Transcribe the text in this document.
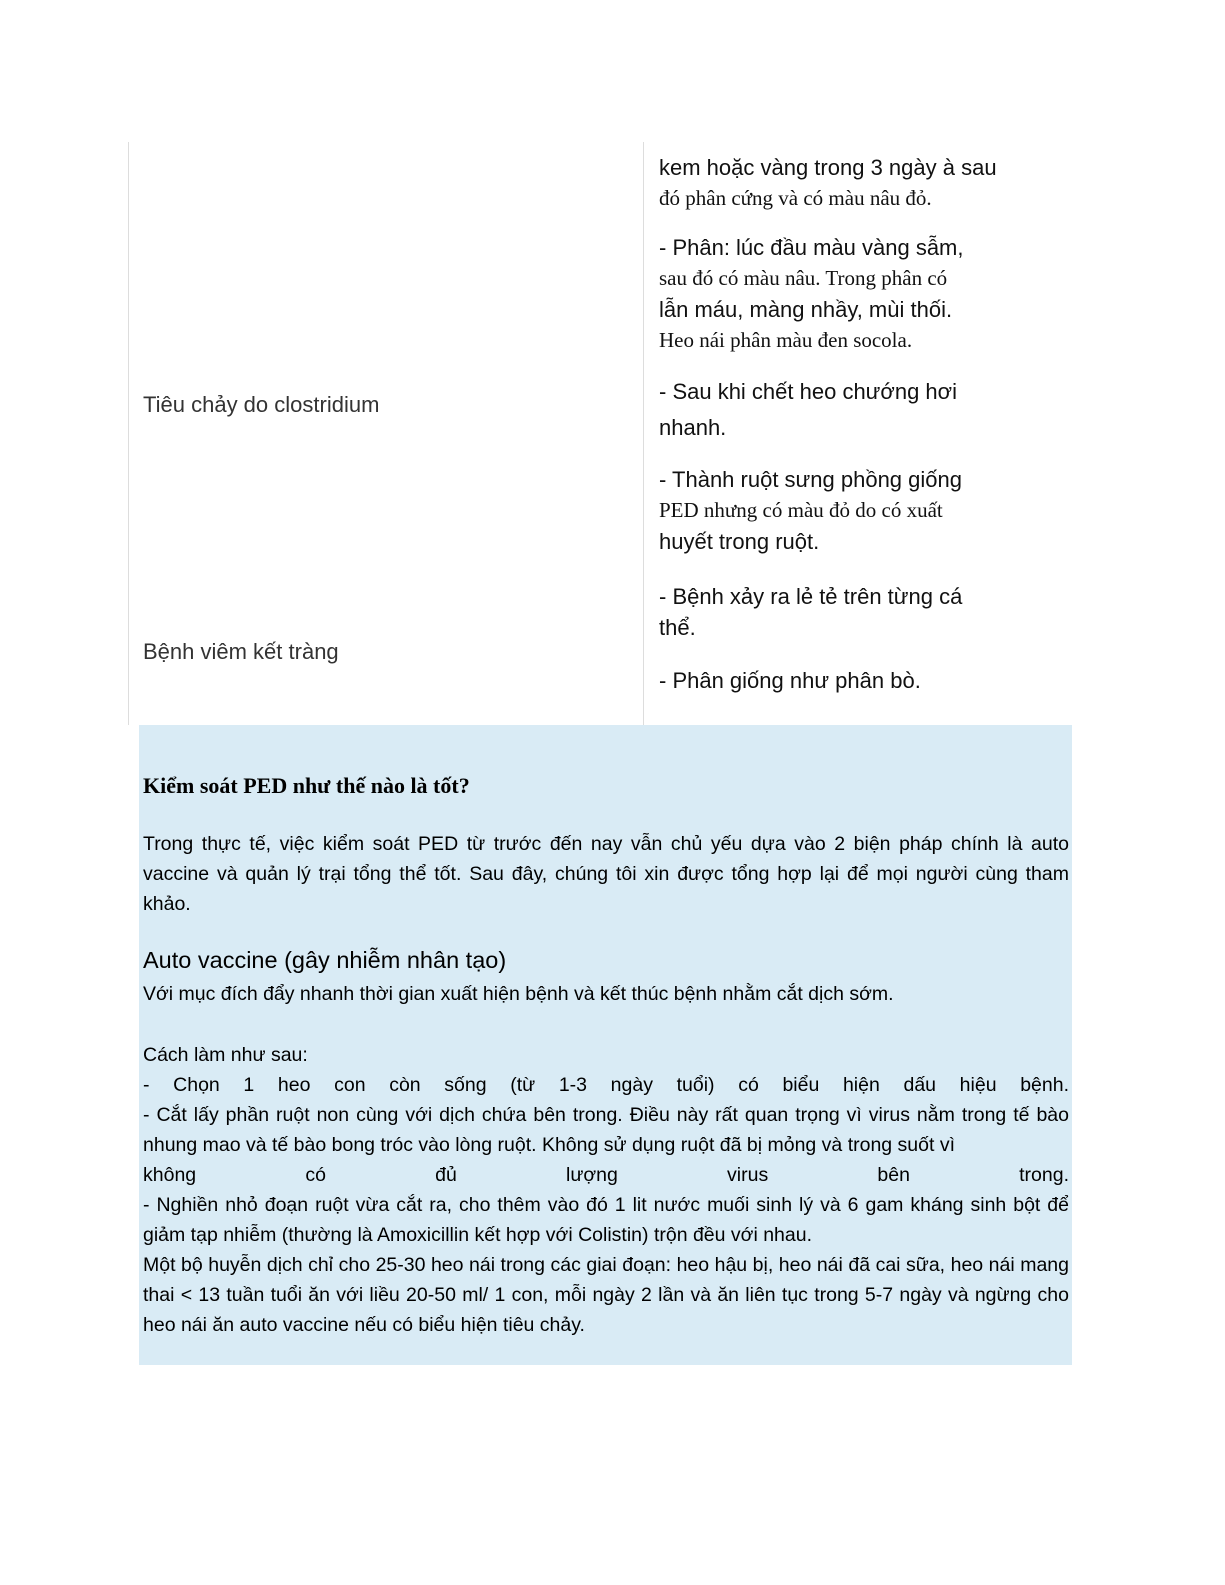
Tiêu chảy do clostridium
Bệnh viêm kết tràng

kem hoặc vàng trong 3 ngày à sau
đó phân cứng và có màu nâu đỏ.

- Phân: lúc đầu màu vàng sẫm,
sau đó có màu nâu. Trong phân có
lẫn máu, màng nhầy, mùi thối.
Heo nái phân màu đen socola.

- Sau khi chết heo chướng hơi
nhanh.

- Thành ruột sưng phồng giống
PED nhưng có màu đỏ do có xuất
huyết trong ruột.

- Bệnh xảy ra lẻ tẻ trên từng cá
thể.

- Phân giống như phân bò.

Kiểm soát PED như thế nào là tốt?

Trong thực tế, việc kiểm soát PED từ trước đến nay vẫn chủ yếu dựa vào 2 biện pháp chính là auto vaccine và quản lý trại tổng thể tốt. Sau đây, chúng tôi xin được tổng hợp lại để mọi người cùng tham khảo.

Auto vaccine (gây nhiễm nhân tạo)

Với mục đích đẩy nhanh thời gian xuất hiện bệnh và kết thúc bệnh nhằm cắt dịch sớm.

Cách làm như sau:
- Chọn 1 heo con còn sống (từ 1-3 ngày tuổi) có biểu hiện dấu hiệu bệnh.
- Cắt lấy phần ruột non cùng với dịch chứa bên trong. Điều này rất quan trọng vì virus nằm trong tế bào nhung mao và tế bào bong tróc vào lòng ruột. Không sử dụng ruột đã bị mỏng và trong suốt vì
không có đủ lượng virus bên trong.
- Nghiền nhỏ đoạn ruột vừa cắt ra, cho thêm vào đó 1 lit nước muối sinh lý và 6 gam kháng sinh bột để giảm tạp nhiễm (thường là Amoxicillin kết hợp với Colistin) trộn đều với nhau.
Một bộ huyễn dịch chỉ cho 25-30 heo nái trong các giai đoạn: heo hậu bị, heo nái đã cai sữa, heo nái mang thai < 13 tuần tuổi ăn với liều 20-50 ml/ 1 con, mỗi ngày 2 lần và ăn liên tục trong 5-7 ngày và ngừng cho heo nái ăn auto vaccine nếu có biểu hiện tiêu chảy.
